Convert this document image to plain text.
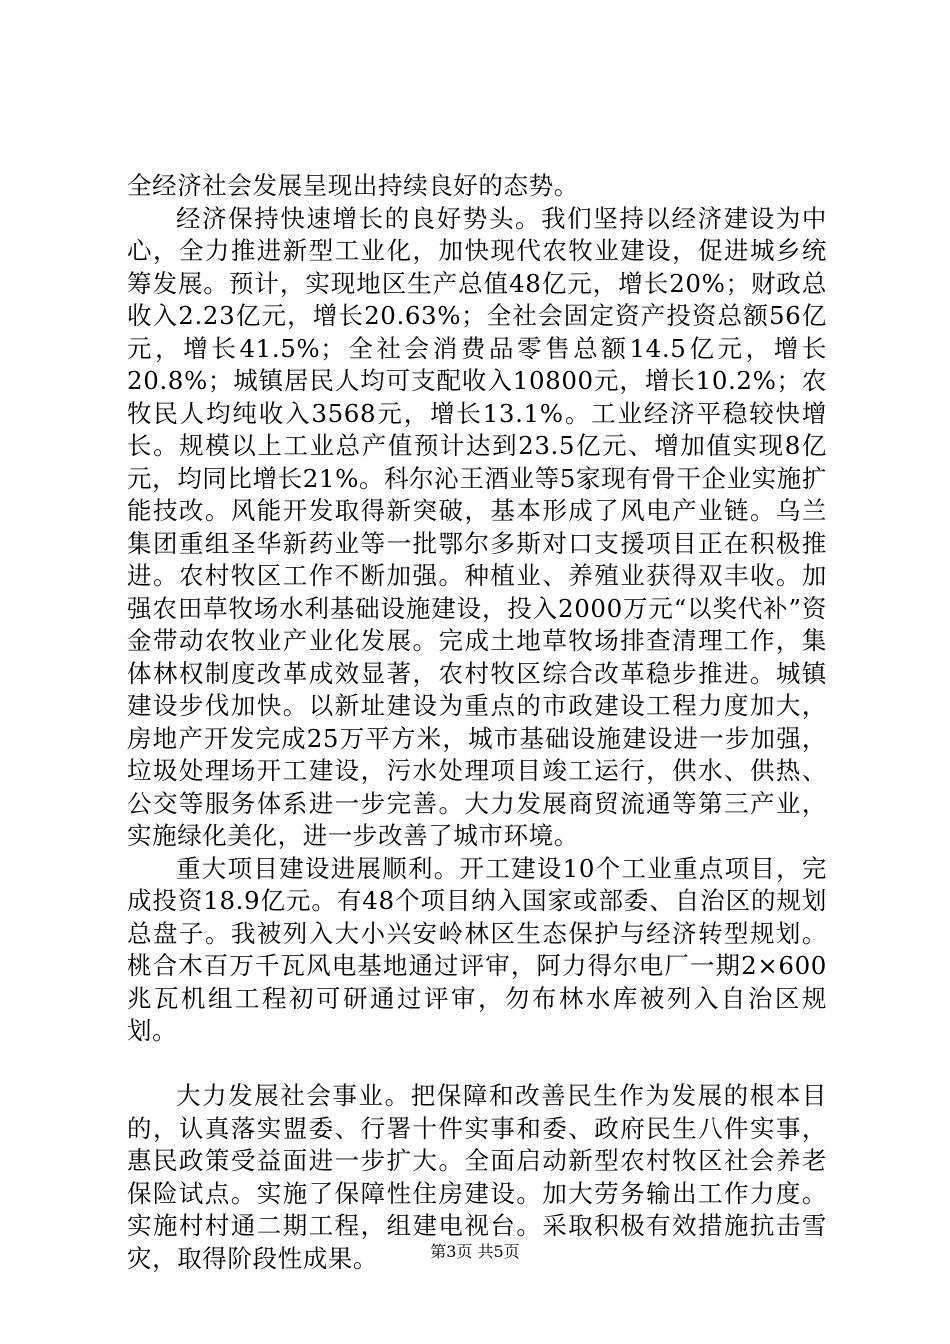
全经济社会发展呈现出持续良好的态势。

经济保持快速增长的良好势头。我们坚持以经济建设为中心，全力推进新型工业化，加快现代农牧业建设，促进城乡统筹发展。预计，实现地区生产总值48亿元，增长20%；财政总收入2.23亿元，增长20.63%；全社会固定资产投资总额56亿元，增长41.5%；全社会消费品零售总额14.5亿元，增长20.8%；城镇居民人均可支配收入10800元，增长10.2%；农牧民人均纯收入3568元，增长13.1%。工业经济平稳较快增长。规模以上工业总产值预计达到23.5亿元、增加值实现8亿元，均同比增长21%。科尔沁王酒业等5家现有骨干企业实施扩能技改。风能开发取得新突破，基本形成了风电产业链。乌兰集团重组圣华新药业等一批鄂尔多斯对口支援项目正在积极推进。农村牧区工作不断加强。种植业、养殖业获得双丰收。加强农田草牧场水利基础设施建设，投入2000万元“以奖代补”资金带动农牧业产业化发展。完成土地草牧场排查清理工作，集体林权制度改革成效显著，农村牧区综合改革稳步推进。城镇建设步伐加快。以新址建设为重点的市政建设工程力度加大，房地产开发完成25万平方米，城市基础设施建设进一步加强，垃圾处理场开工建设，污水处理项目竣工运行，供水、供热、公交等服务体系进一步完善。大力发展商贸流通等第三产业，实施绿化美化，进一步改善了城市环境。

重大项目建设进展顺利。开工建设10个工业重点项目，完成投资18.9亿元。有48个项目纳入国家或部委、自治区的规划总盘子。我被列入大小兴安岭林区生态保护与经济转型规划。桃合木百万千瓦风电基地通过评审，阿力得尔电厂一期2×600兆瓦机组工程初可研通过评审，勿布林水库被列入自治区规划。

大力发展社会事业。把保障和改善民生作为发展的根本目的，认真落实盟委、行署十件实事和委、政府民生八件实事，惠民政策受益面进一步扩大。全面启动新型农村牧区社会养老保险试点。实施了保障性住房建设。加大劳务输出工作力度。实施村村通二期工程，组建电视台。采取积极有效措施抗击雪灾，取得阶段性成果。	第3页 共5页
